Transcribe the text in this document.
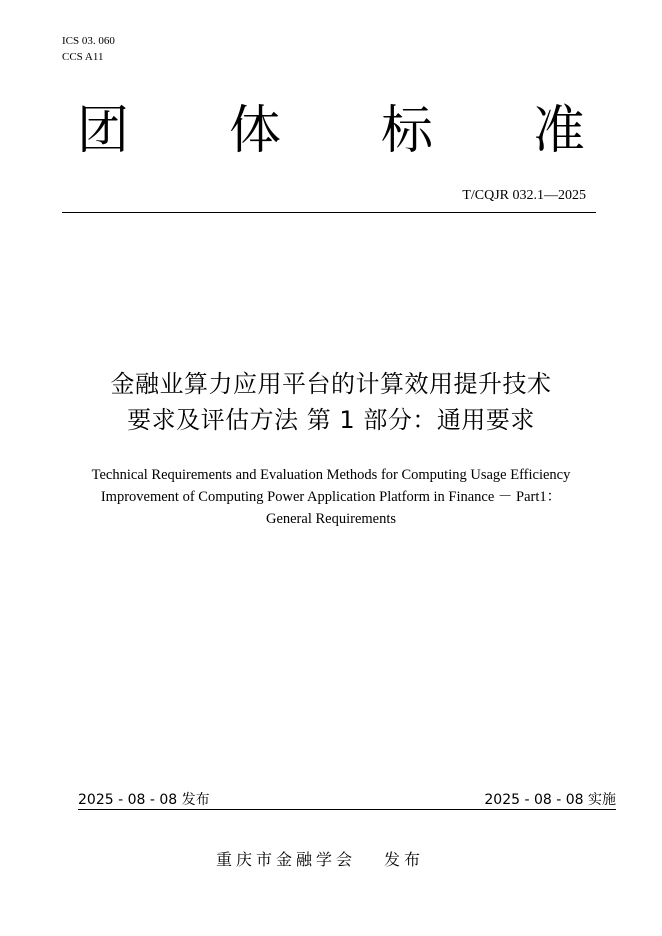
ICS 03. 060
CCS A11
团 体 标 准
T/CQJR 032.1—2025
金融业算力应用平台的计算效用提升技术
要求及评估方法 第 1 部分：通用要求
Technical Requirements and Evaluation Methods for Computing Usage Efficiency
Improvement of Computing Power Application Platform in Finance － Part1：
General Requirements
2025 - 08 - 08 发布	2025 - 08 - 08 实施
重庆市金融学会 发布
